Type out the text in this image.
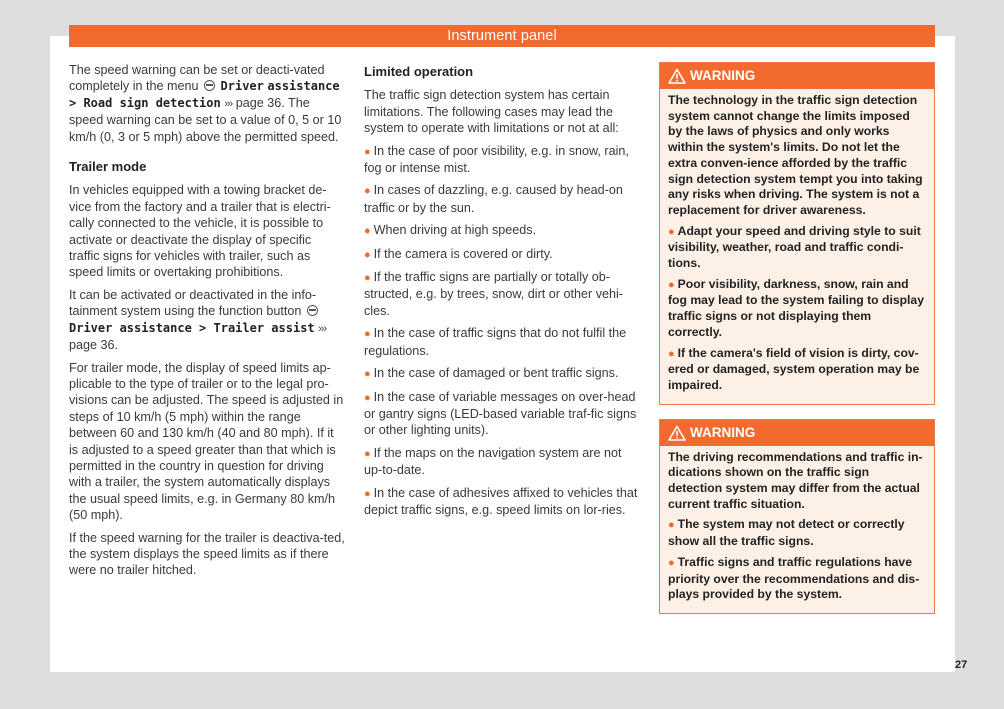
Instrument panel

The speed warning can be set or deacti-vated completely in the menu Driver assistance > Road sign detection ››› page 36. The speed warning can be set to a value of 0, 5 or 10 km/h (0, 3 or 5 mph) above the permitted speed.

Trailer mode

In vehicles equipped with a towing bracket de-vice from the factory and a trailer that is electri-cally connected to the vehicle, it is possible to activate or deactivate the display of specific traffic signs for vehicles with trailer, such as speed limits or overtaking prohibitions.

It can be activated or deactivated in the info-tainment system using the function button  Driver assistance > Trailer assist ››› page 36.

For trailer mode, the display of speed limits ap-plicable to the type of trailer or to the legal pro-visions can be adjusted. The speed is adjusted in steps of 10 km/h (5 mph) within the range between 60 and 130 km/h (40 and 80 mph). If it is adjusted to a speed greater than that which is permitted in the country in question for driving with a trailer, the system automatically displays the usual speed limits, e.g. in Germany 80 km/h (50 mph).

If the speed warning for the trailer is deactiva-ted, the system displays the speed limits as if there were no trailer hitched.

Limited operation

The traffic sign detection system has certain limitations. The following cases may lead the system to operate with limitations or not at all:

● In the case of poor visibility, e.g. in snow, rain, fog or intense mist.

● In cases of dazzling, e.g. caused by head-on traffic or by the sun.

● When driving at high speeds.

● If the camera is covered or dirty.

● If the traffic signs are partially or totally ob-structed, e.g. by trees, snow, dirt or other vehi-cles.

● In the case of traffic signs that do not fulfil the regulations.

● In the case of damaged or bent traffic signs.

● In the case of variable messages on over-head or gantry signs (LED-based variable traf-fic signs or other lighting units).

● If the maps on the navigation system are not up-to-date.

● In the case of adhesives affixed to vehicles that depict traffic signs, e.g. speed limits on lor-ries.

WARNING

The technology in the traffic sign detection system cannot change the limits imposed by the laws of physics and only works within the system's limits. Do not let the extra conven-ience afforded by the traffic sign detection system tempt you into taking any risks when driving. The system is not a replacement for driver awareness.

● Adapt your speed and driving style to suit visibility, weather, road and traffic condi-tions.

● Poor visibility, darkness, snow, rain and fog may lead to the system failing to display traffic signs or not displaying them correctly.

● If the camera's field of vision is dirty, cov-ered or damaged, system operation may be impaired.

WARNING

The driving recommendations and traffic in-dications shown on the traffic sign detection system may differ from the actual current traffic situation.

● The system may not detect or correctly show all the traffic signs.

● Traffic signs and traffic regulations have priority over the recommendations and dis-plays provided by the system.

27
